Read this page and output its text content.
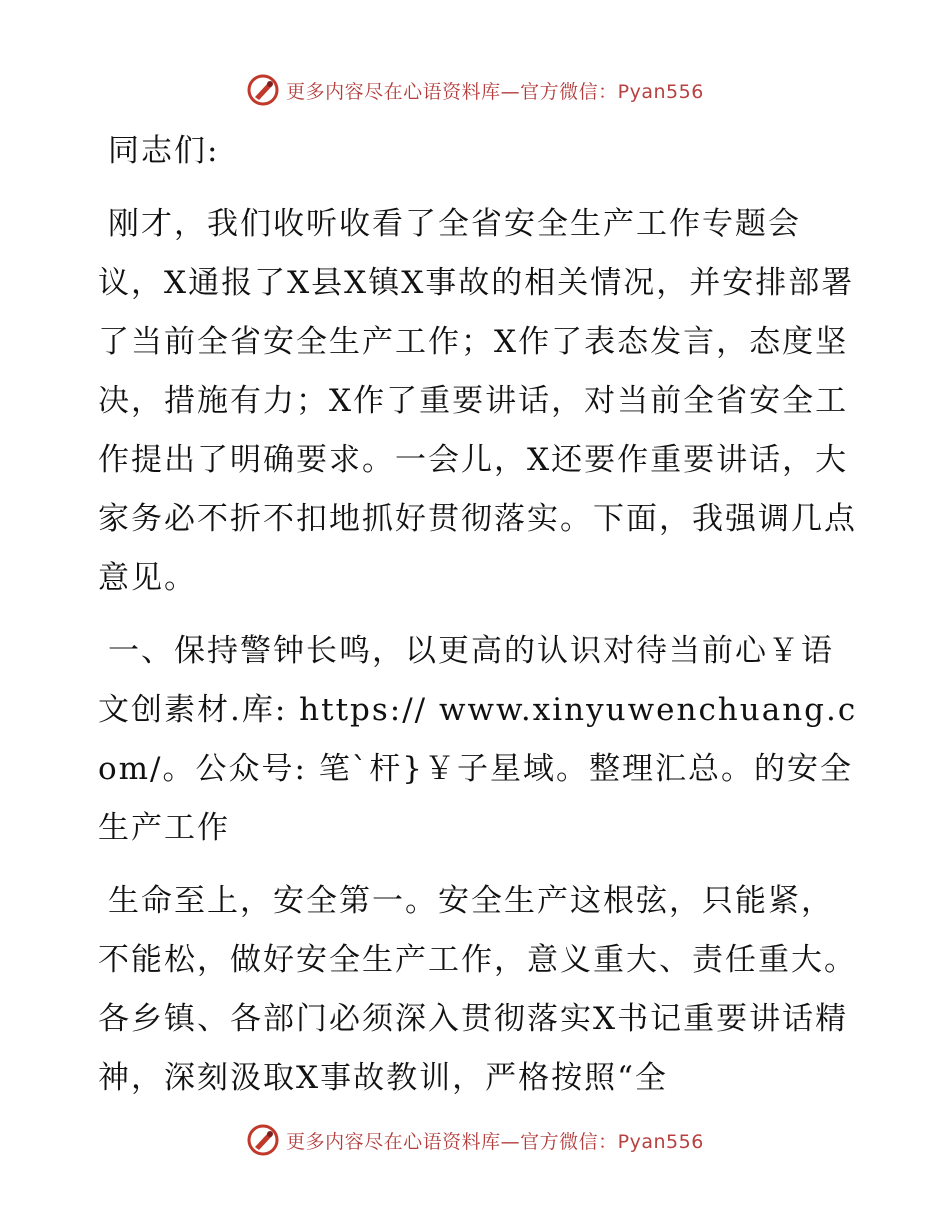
更多内容尽在心语资料库—官方微信：Pyan556

同志们:

刚才，我们收听收看了全省安全生产工作专题会议，X通报了X县X镇X事故的相关情况，并安排部署了当前全省安全生产工作；X作了表态发言，态度坚决，措施有力；X作了重要讲话，对当前全省安全工作提出了明确要求。一会儿，X还要作重要讲话，大家务必不折不扣地抓好贯彻落实。下面，我强调几点意见。

一、保持警钟长鸣，以更高的认识对待当前心￥语文创素材.库: https:// www.xinyuwenchuang.com/。公众号: 笔`杆}￥子星域。整理汇总。的安全生产工作

生命至上，安全第一。安全生产这根弦，只能紧，不能松，做好安全生产工作，意义重大、责任重大。各乡镇、各部门必须深入贯彻落实X书记重要讲话精神，深刻汲取X事故教训，严格按照“全

更多内容尽在心语资料库—官方微信：Pyan556
